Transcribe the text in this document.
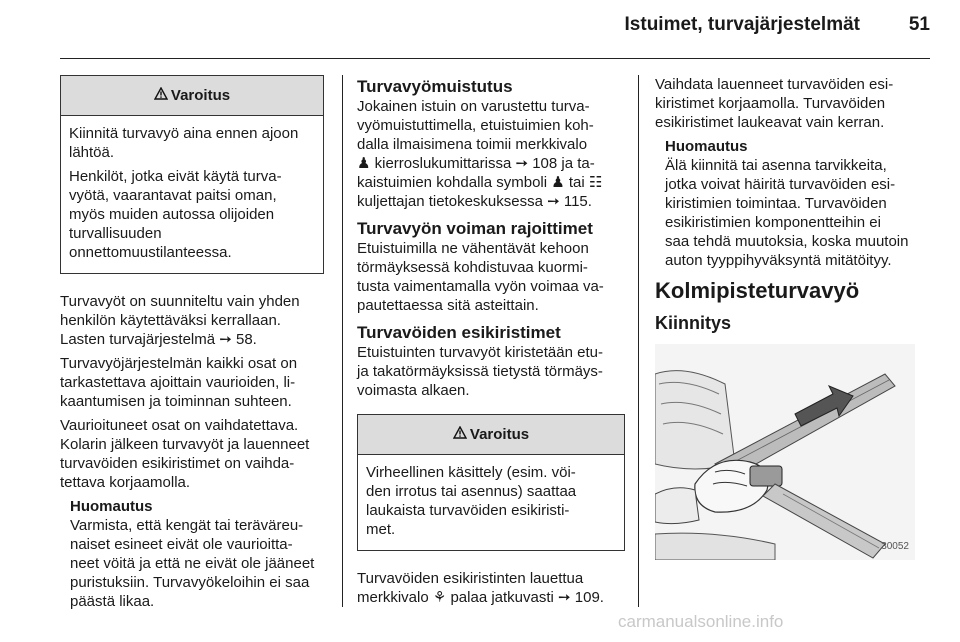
Istuimet, turvajärjestelmät	51
Varoitus

Kiinnitä turvavyö aina ennen ajoon
lähtöä.

Henkilöt, jotka eivät käytä turva-
vyötä, vaarantavat paitsi oman,
myös muiden autossa olijoiden
turvallisuuden
onnettomuustilanteessa.

Turvavyöt on suunniteltu vain yhden
henkilön käytettäväksi kerrallaan.
Lasten turvajärjestelmä ➙ 58.

Turvavyöjärjestelmän kaikki osat on
tarkastettava ajoittain vaurioiden, li-
kaantumisen ja toiminnan suhteen.

Vaurioituneet osat on vaihdatettava.
Kolarin jälkeen turvavyöt ja lauenneet
turvavöiden esikiristimet on vaihda-
tettava korjaamolla.

Huomautus
Varmista, että kengät tai teräväreu-
naiset esineet eivät ole vaurioitta-
neet vöitä ja että ne eivät ole jääneet
puristuksiin. Turvavyökeloihin ei saa
päästä likaa.
Turvavyömuistutus

Jokainen istuin on varustettu turva-
vyömuistuttimella, etuistuimien koh-
dalla ilmaisimena toimii merkkivalo
♟ kierroslukumittarissa ➙ 108 ja ta-
kaistuimien kohdalla symboli ♟ tai ☷
kuljettajan tietokeskuksessa ➙ 115.

Turvavyön voiman rajoittimet

Etuistuimilla ne vähentävät kehoon
törmäyksessä kohdistuvaa kuormi-
tusta vaimentamalla vyön voimaa va-
pautettaessa sitä asteittain.

Turvavöiden esikiristimet

Etuistuinten turvavyöt kiristetään etu-
ja takatörmäyksissä tietystä törmäys-
voimasta alkaen.

Varoitus

Virheellinen käsittely (esim. vöi-
den irrotus tai asennus) saattaa
laukaista turvavöiden esikiristi-
met.

Turvavöiden esikiristinten lauettua
merkkivalo ⚘ palaa jatkuvasti ➙ 109.

Vaihdata lauenneet turvavöiden esi-
kiristimet korjaamolla. Turvavöiden
esikiristimet laukeavat vain kerran.

Huomautus
Älä kiinnitä tai asenna tarvikkeita,
jotka voivat häiritä turvavöiden esi-
kiristimien toimintaa. Turvavöiden
esikiristimien komponentteihin ei
saa tehdä muutoksia, koska muutoin
auton tyyppihyväksyntä mitätöityy.
Kolmipisteturvavyö
Kiinnitys
30052
carmanualsonline.info
